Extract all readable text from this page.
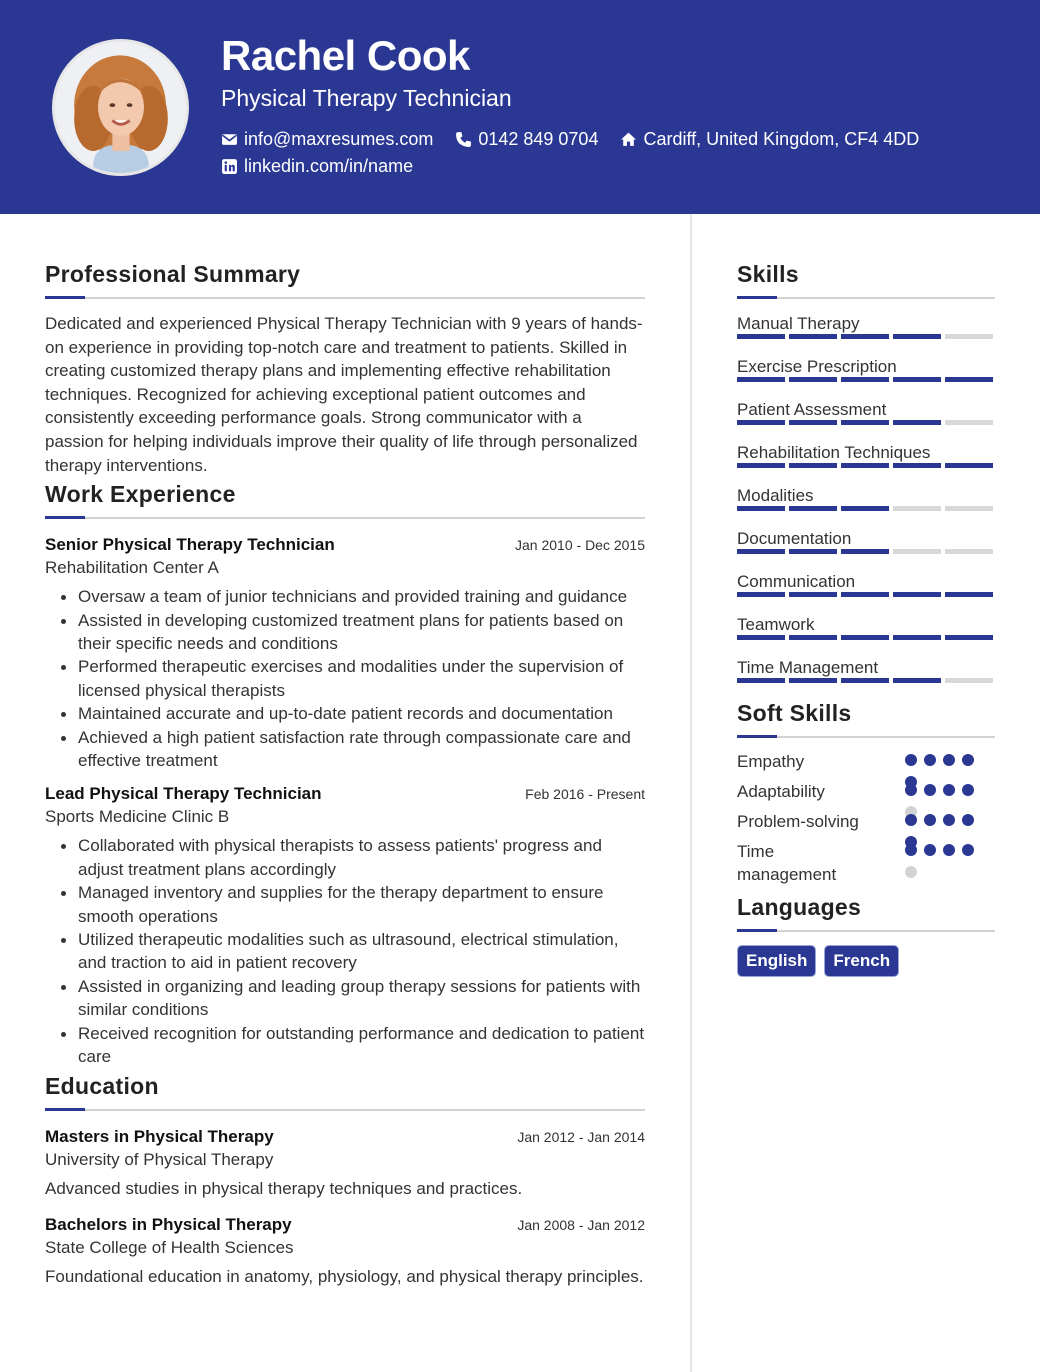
Rachel Cook
Physical Therapy Technician
info@maxresumes.com	0142 849 0704	Cardiff, United Kingdom, CF4 4DD
linkedin.com/in/name
Professional Summary

Dedicated and experienced Physical Therapy Technician with 9 years of hands-on experience in providing top-notch care and treatment to patients. Skilled in creating customized therapy plans and implementing effective rehabilitation techniques. Recognized for achieving exceptional patient outcomes and consistently exceeding performance goals. Strong communicator with a passion for helping individuals improve their quality of life through personalized therapy interventions.

Work Experience
Senior Physical Therapy Technician	Jan 2010 - Dec 2015
Rehabilitation Center A
Oversaw a team of junior technicians and provided training and guidance
Assisted in developing customized treatment plans for patients based on their specific needs and conditions
Performed therapeutic exercises and modalities under the supervision of licensed physical therapists
Maintained accurate and up-to-date patient records and documentation
Achieved a high patient satisfaction rate through compassionate care and effective treatment
Lead Physical Therapy Technician	Feb 2016 - Present
Sports Medicine Clinic B
Collaborated with physical therapists to assess patients' progress and adjust treatment plans accordingly
Managed inventory and supplies for the therapy department to ensure smooth operations
Utilized therapeutic modalities such as ultrasound, electrical stimulation, and traction to aid in patient recovery
Assisted in organizing and leading group therapy sessions for patients with similar conditions
Received recognition for outstanding performance and dedication to patient care
Education
Masters in Physical Therapy	Jan 2012 - Jan 2014
University of Physical Therapy
Advanced studies in physical therapy techniques and practices.
Bachelors in Physical Therapy	Jan 2008 - Jan 2012
State College of Health Sciences
Foundational education in anatomy, physiology, and physical therapy principles.
Skills
Manual Therapy
Exercise Prescription
Patient Assessment
Rehabilitation Techniques
Modalities
Documentation
Communication
Teamwork
Time Management
Soft Skills
Empathy
Adaptability
Problem-solving
Time management
Languages
English	French
